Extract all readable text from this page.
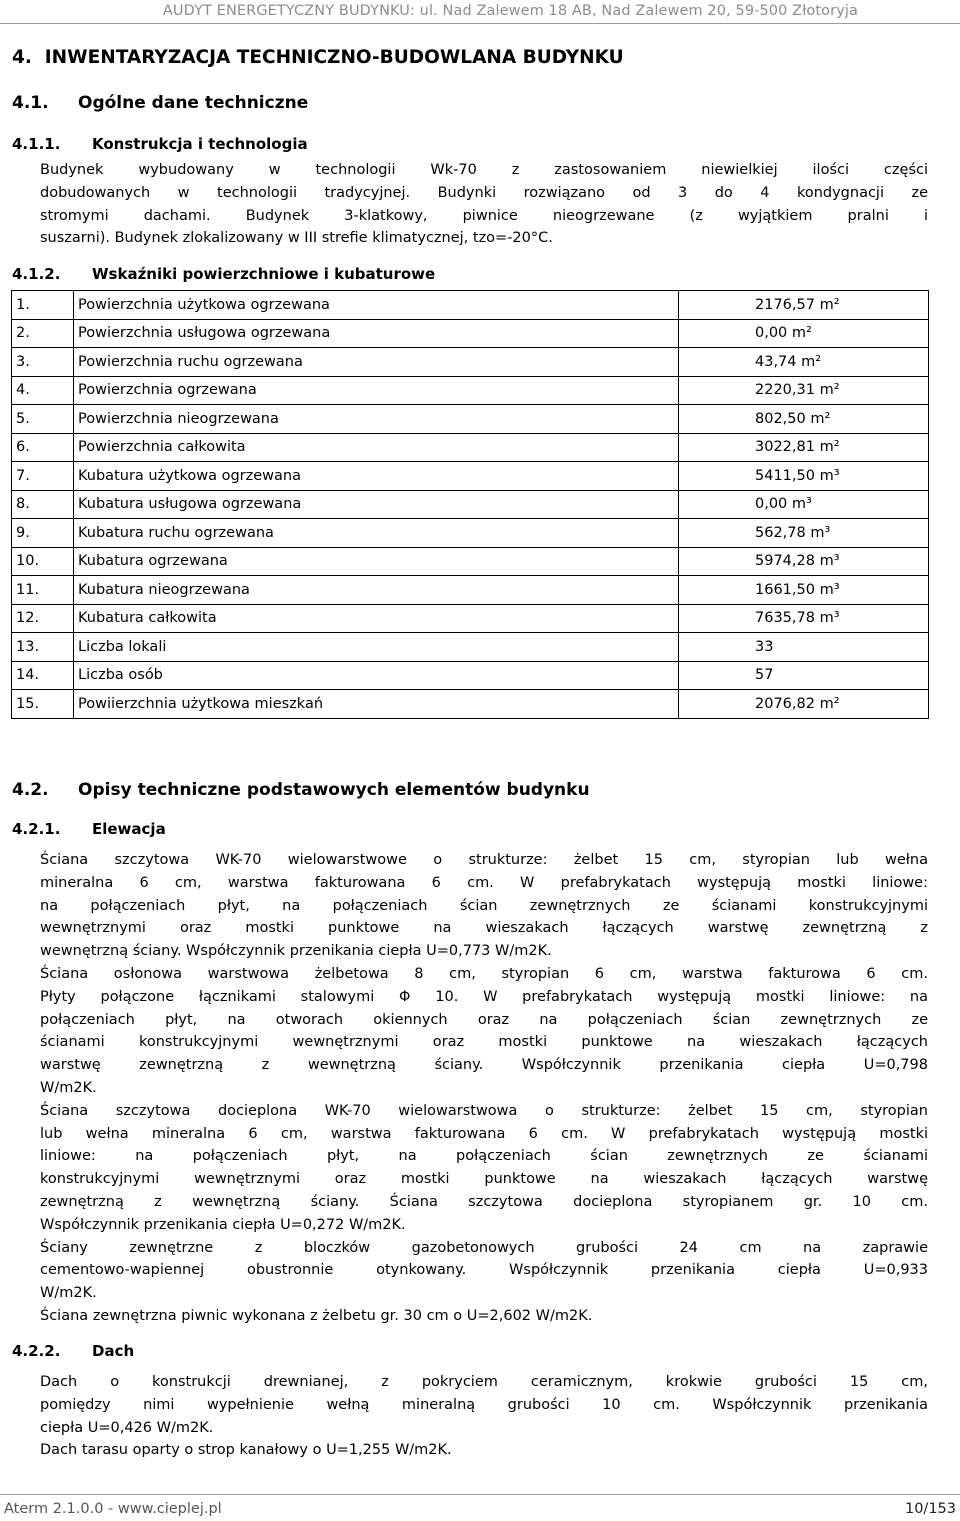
AUDYT ENERGETYCZNY BUDYNKU: ul. Nad Zalewem 18 AB, Nad Zalewem 20, 59-500 Złotoryja
4. INWENTARYZACJA TECHNICZNO-BUDOWLANA BUDYNKU
4.1. Ogólne dane techniczne
4.1.1. Konstrukcja i technologia
Budynek wybudowany w technologii Wk-70 z zastosowaniem niewielkiej ilości części
dobudowanych w technologii tradycyjnej. Budynki rozwiązano od 3 do 4 kondygnacji ze
stromymi dachami. Budynek 3-klatkowy, piwnice nieogrzewane (z wyjątkiem pralni i
suszarni). Budynek zlokalizowany w III strefie klimatycznej, tzo=-20°C.
4.1.2. Wskaźniki powierzchniowe i kubaturowe
1.	Powierzchnia użytkowa ogrzewana	2176,57 m²
2.	Powierzchnia usługowa ogrzewana	0,00 m²
3.	Powierzchnia ruchu ogrzewana	43,74 m²
4.	Powierzchnia ogrzewana	2220,31 m²
5.	Powierzchnia nieogrzewana	802,50 m²
6.	Powierzchnia całkowita	3022,81 m²
7.	Kubatura użytkowa ogrzewana	5411,50 m³
8.	Kubatura usługowa ogrzewana	0,00 m³
9.	Kubatura ruchu ogrzewana	562,78 m³
10.	Kubatura ogrzewana	5974,28 m³
11.	Kubatura nieogrzewana	1661,50 m³
12.	Kubatura całkowita	7635,78 m³
13.	Liczba lokali	33
14.	Liczba osób	57
15.	Powiierzchnia użytkowa mieszkań	2076,82 m²
4.2. Opisy techniczne podstawowych elementów budynku
4.2.1. Elewacja
Ściana szczytowa WK-70 wielowarstwowe o strukturze: żelbet 15 cm, styropian lub wełna
mineralna 6 cm, warstwa fakturowana 6 cm. W prefabrykatach występują mostki liniowe:
na połączeniach płyt, na połączeniach ścian zewnętrznych ze ścianami konstrukcyjnymi
wewnętrznymi oraz mostki punktowe na wieszakach łączących warstwę zewnętrzną z
wewnętrzną ściany. Współczynnik przenikania ciepła U=0,773 W/m2K.
Ściana osłonowa warstwowa żelbetowa 8 cm, styropian 6 cm, warstwa fakturowa 6 cm.
Płyty połączone łącznikami stalowymi Φ 10. W prefabrykatach występują mostki liniowe: na
połączeniach płyt, na otworach okiennych oraz na połączeniach ścian zewnętrznych ze
ścianami konstrukcyjnymi wewnętrznymi oraz mostki punktowe na wieszakach łączących
warstwę zewnętrzną z wewnętrzną ściany. Współczynnik przenikania ciepła U=0,798
W/m2K.
Ściana szczytowa docieplona WK-70 wielowarstwowa o strukturze: żelbet 15 cm, styropian
lub wełna mineralna 6 cm, warstwa fakturowana 6 cm. W prefabrykatach występują mostki
liniowe: na połączeniach płyt, na połączeniach ścian zewnętrznych ze ścianami
konstrukcyjnymi wewnętrznymi oraz mostki punktowe na wieszakach łączących warstwę
zewnętrzną z wewnętrzną ściany. Ściana szczytowa docieplona styropianem gr. 10 cm.
Współczynnik przenikania ciepła U=0,272 W/m2K.
Ściany zewnętrzne z bloczków gazobetonowych grubości 24 cm na zaprawie
cementowo-wapiennej obustronnie otynkowany. Współczynnik przenikania ciepła U=0,933
W/m2K.
Ściana zewnętrzna piwnic wykonana z żelbetu gr. 30 cm o U=2,602 W/m2K.
4.2.2. Dach
Dach o konstrukcji drewnianej, z pokryciem ceramicznym, krokwie grubości 15 cm,
pomiędzy nimi wypełnienie wełną mineralną grubości 10 cm. Współczynnik przenikania
ciepła U=0,426 W/m2K.
Dach tarasu oparty o strop kanałowy o U=1,255 W/m2K.
Aterm 2.1.0.0 - www.cieplej.pl	10/153
